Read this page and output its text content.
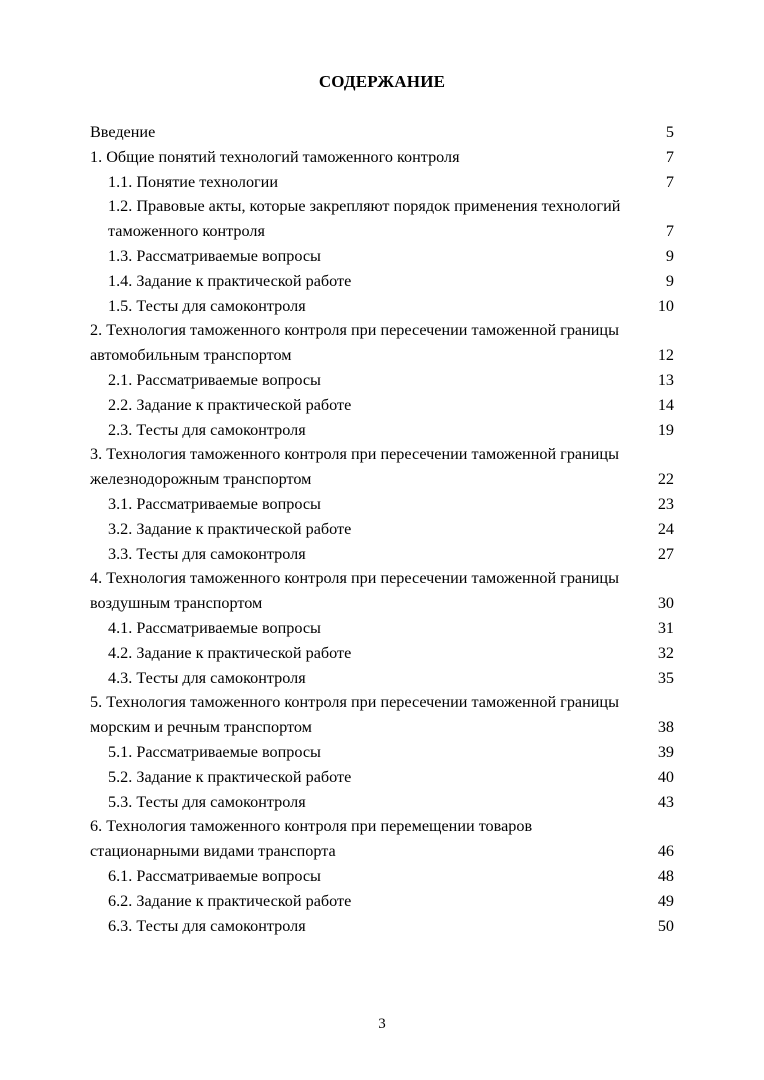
СОДЕРЖАНИЕ
Введение	5
1. Общие понятий технологий таможенного контроля	7
1.1. Понятие технологии	7
1.2. Правовые акты, которые закрепляют порядок применения технологий таможенного контроля	7
1.3. Рассматриваемые вопросы	9
1.4. Задание к практической работе	9
1.5. Тесты для самоконтроля	10
2. Технология таможенного контроля при пересечении таможенной границы автомобильным транспортом	12
2.1. Рассматриваемые вопросы	13
2.2. Задание к практической работе	14
2.3. Тесты для самоконтроля	19
3. Технология таможенного контроля при пересечении таможенной границы железнодорожным транспортом	22
3.1. Рассматриваемые вопросы	23
3.2. Задание к практической работе	24
3.3. Тесты для самоконтроля	27
4. Технология таможенного контроля при пересечении таможенной границы воздушным транспортом	30
4.1. Рассматриваемые вопросы	31
4.2. Задание к практической работе	32
4.3. Тесты для самоконтроля	35
5. Технология таможенного контроля при пересечении таможенной границы морским и речным транспортом	38
5.1. Рассматриваемые вопросы	39
5.2. Задание к практической работе	40
5.3. Тесты для самоконтроля	43
6. Технология таможенного контроля при перемещении товаров стационарными видами транспорта	46
6.1. Рассматриваемые вопросы	48
6.2. Задание к практической работе	49
6.3. Тесты для самоконтроля	50
3
